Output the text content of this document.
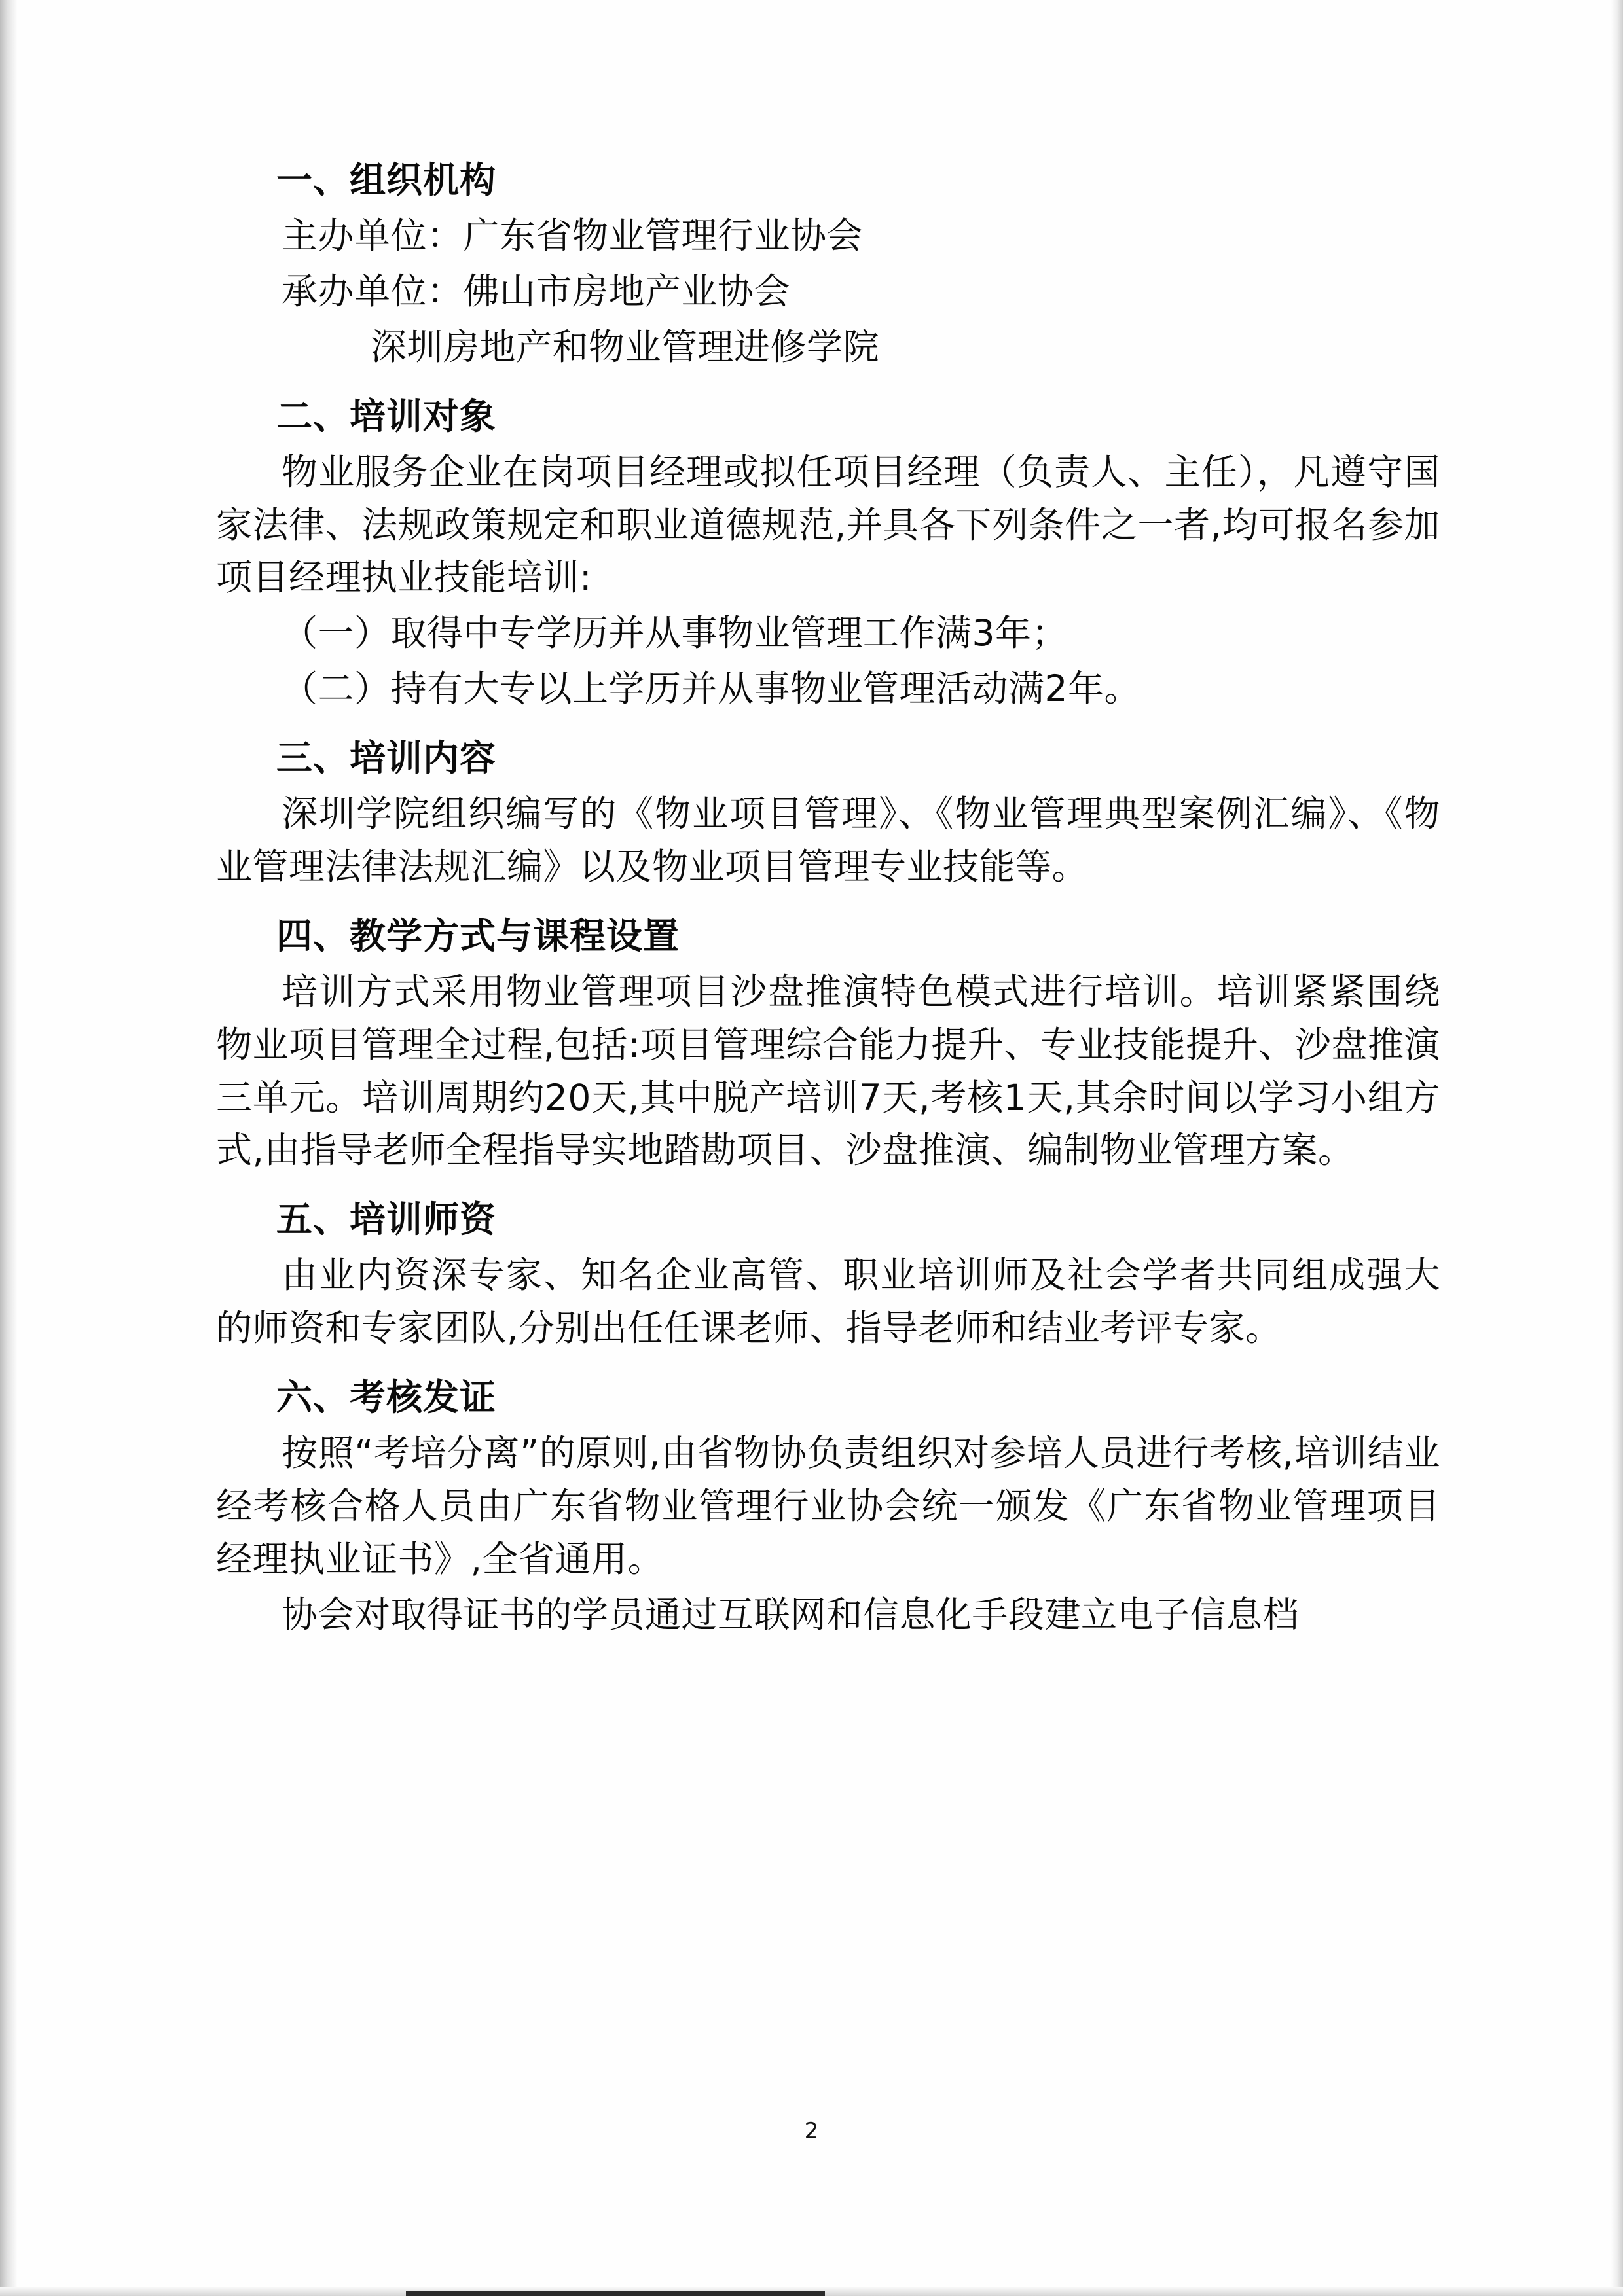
一、组织机构
主办单位：广东省物业管理行业协会
承办单位：佛山市房地产业协会
深圳房地产和物业管理进修学院
二、培训对象
物业服务企业在岗项目经理或拟任项目经理（负责人、主任），凡遵守国家法律、法规政策规定和职业道德规范,并具各下列条件之一者,均可报名参加项目经理执业技能培训:
（一）取得中专学历并从事物业管理工作满3年；
（二）持有大专以上学历并从事物业管理活动满2年。
三、培训内容
深圳学院组织编写的《物业项目管理》、《物业管理典型案例汇编》、《物业管理法律法规汇编》以及物业项目管理专业技能等。
四、教学方式与课程设置
培训方式采用物业管理项目沙盘推演特色模式进行培训。培训紧紧围绕物业项目管理全过程,包括:项目管理综合能力提升、专业技能提升、沙盘推演三单元。培训周期约20天,其中脱产培训7天,考核1天,其余时间以学习小组方式,由指导老师全程指导实地踏勘项目、沙盘推演、编制物业管理方案。
五、培训师资
由业内资深专家、知名企业高管、职业培训师及社会学者共同组成强大的师资和专家团队,分别出任任课老师、指导老师和结业考评专家。
六、考核发证
按照“考培分离”的原则,由省物协负责组织对参培人员进行考核,培训结业经考核合格人员由广东省物业管理行业协会统一颁发《广东省物业管理项目经理执业证书》,全省通用。
协会对取得证书的学员通过互联网和信息化手段建立电子信息档
2
